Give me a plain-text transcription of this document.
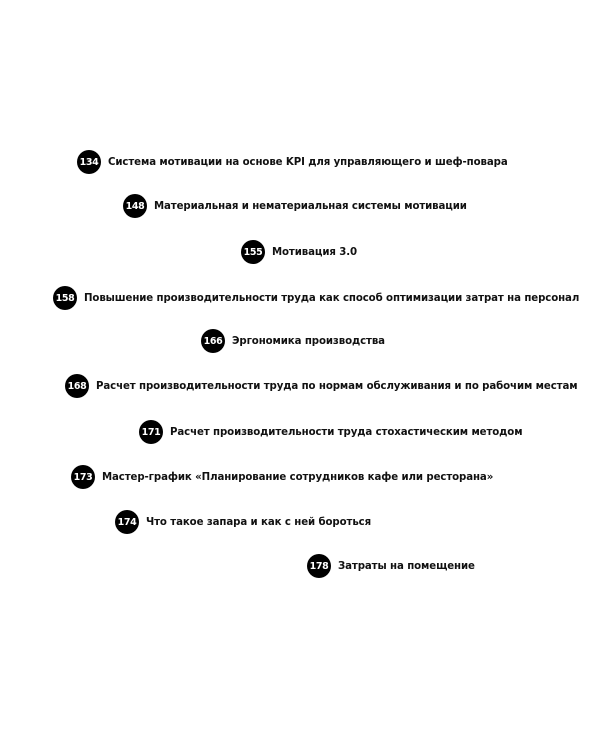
134 Система мотивации на основе KPI для управляющего и шеф-повара
148 Материальная и нематериальная системы мотивации
155 Мотивация 3.0
158 Повышение производительности труда как способ оптимизации затрат на персонал
166 Эргономика производства
168 Расчет производительности труда по нормам обслуживания и по рабочим местам
171 Расчет производительности труда стохастическим методом
173 Мастер-график «Планирование сотрудников кафе или ресторана»
174 Что такое запара и как с ней бороться
178 Затраты на помещение
